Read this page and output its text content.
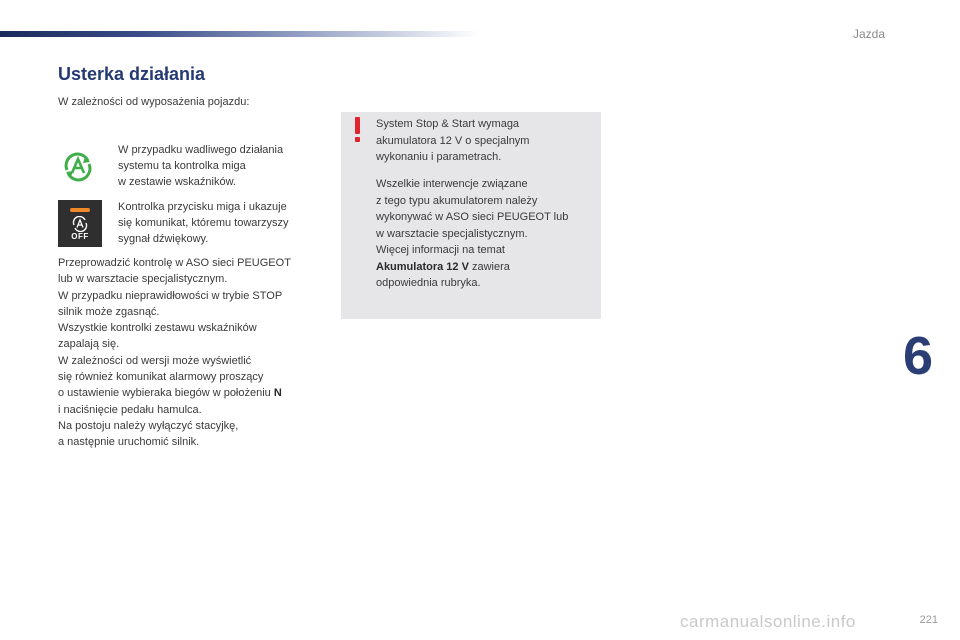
Jazda
Usterka działania
W zależności od wyposażenia pojazdu:
W przypadku wadliwego działania
systemu ta kontrolka miga
w zestawie wskaźników.
OFF
Kontrolka przycisku miga i ukazuje
się komunikat, któremu towarzyszy
sygnał dźwiękowy.

Przeprowadzić kontrolę w ASO sieci PEUGEOT

lub w warsztacie specjalistycznym.

W przypadku nieprawidłowości w trybie STOP

silnik może zgasnąć.

Wszystkie kontrolki zestawu wskaźników

zapalają się.

W zależności od wersji może wyświetlić

się również komunikat alarmowy proszący

o ustawienie wybieraka biegów w położeniu N

i naciśnięcie pedału hamulca.

Na postoju należy wyłączyć stacyjkę,

a następnie uruchomić silnik.

System Stop & Start wymaga
akumulatora 12 V o specjalnym
wykonaniu i parametrach.
Wszelkie interwencje związane
z tego typu akumulatorem należy
wykonywać w ASO sieci PEUGEOT lub
w warsztacie specjalistycznym.
Więcej informacji na temat
Akumulatora 12 V zawiera
odpowiednia rubryka.
6
carmanualsonline.info	221
